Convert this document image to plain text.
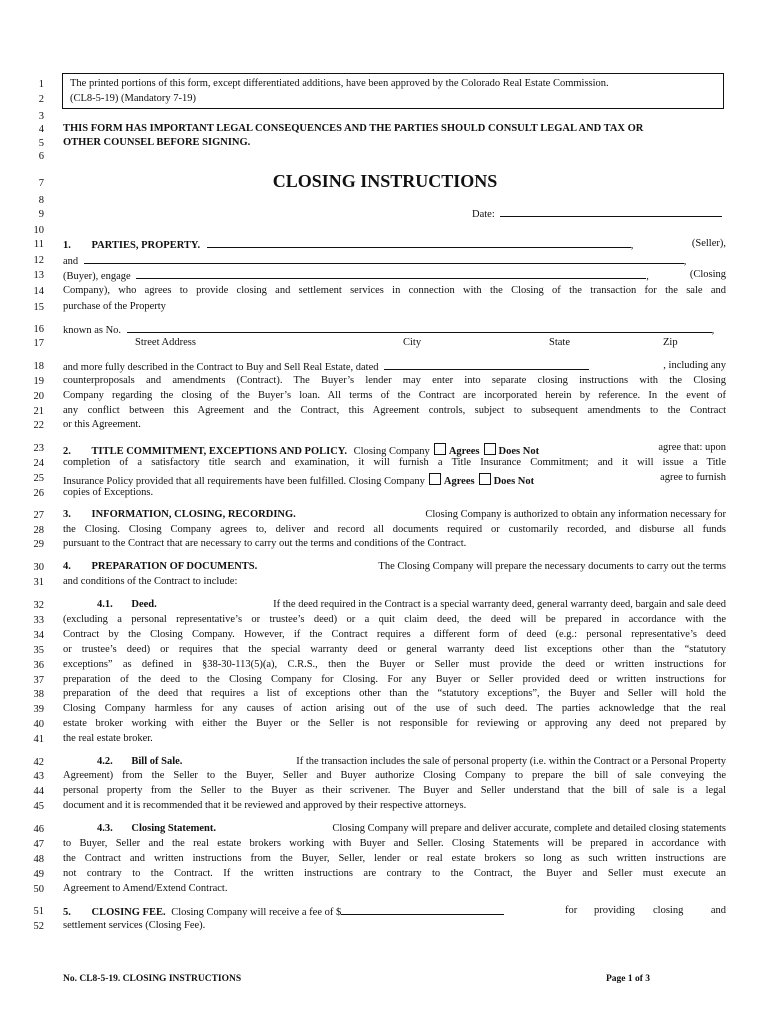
1
2
3
4
5
6
7
8
9
10
11
12
13
14
15
16
17
18
19
20
21
22
23
24
25
26
27
28
29
30
31
32
33
34
35
36
37
38
39
40
41
42
43
44
45
46
47
48
49
50
51
52
The printed portions of this form, except differentiated additions, have been approved by the Colorado Real Estate Commission.
(CL8-5-19) (Mandatory 7-19)
THIS FORM HAS IMPORTANT LEGAL CONSEQUENCES AND THE PARTIES SHOULD CONSULT LEGAL AND TAX OR
OTHER COUNSEL BEFORE SIGNING.
CLOSING INSTRUCTIONS
Date:
1. PARTIES, PROPERTY.	,	(Seller),
and	,
(Buyer), engage	,	(Closing
Company), who agrees to provide closing and settlement services in connection with the Closing of the transaction for the sale and
purchase of the Property
known as No.	,
Street Address	City	State	Zip
and more fully described in the Contract to Buy and Sell Real Estate, dated	, including any
counterproposals and amendments (Contract). The Buyer’s lender may enter into separate closing instructions with the Closing
Company regarding the closing of the Buyer’s loan. All terms of the Contract are incorporated herein by reference. In the event of
any conflict between this Agreement and the Contract, this Agreement controls, subject to subsequent amendments to the Contract
or this Agreement.
2. TITLE COMMITMENT, EXCEPTIONS AND POLICY. Closing Company Agrees Does Not	agree that: upon
completion of a satisfactory title search and examination, it will furnish a Title Insurance Commitment; and it will issue a Title
Insurance Policy provided that all requirements have been fulfilled. Closing Company Agrees Does Not	agree to furnish
copies of Exceptions.
3. INFORMATION, CLOSING, RECORDING.	Closing Company is authorized to obtain any information necessary for
the Closing. Closing Company agrees to, deliver and record all documents required or customarily recorded, and disburse all funds
pursuant to the Contract that are necessary to carry out the terms and conditions of the Contract.
4. PREPARATION OF DOCUMENTS.	The Closing Company will prepare the necessary documents to carry out the terms
and conditions of the Contract to include:
4.1. Deed.	If the deed required in the Contract is a special warranty deed, general warranty deed, bargain and sale deed
(excluding a personal representative’s or trustee’s deed) or a quit claim deed, the deed will be prepared in accordance with the
Contract by the Closing Company. However, if the Contract requires a different form of deed (e.g.: personal representative’s deed
or trustee’s deed) or requires that the special warranty deed or general warranty deed list exceptions other than the “statutory
exceptions” as defined in §38-30-113(5)(a), C.R.S., then the Buyer or Seller must provide the deed or written instructions for
preparation of the deed to the Closing Company for Closing. For any Buyer or Seller provided deed or written instructions for
preparation of the deed that requires a list of exceptions other than the “statutory exceptions”, the Buyer and Seller will hold the
Closing Company harmless for any causes of action arising out of the use of such deed. The parties acknowledge that the real
estate broker working with either the Buyer or the Seller is not responsible for reviewing or approving any deed not prepared by
the real estate broker.
4.2. Bill of Sale.	If the transaction includes the sale of personal property (i.e. within the Contract or a Personal Property
Agreement) from the Seller to the Buyer, Seller and Buyer authorize Closing Company to prepare the bill of sale conveying the
personal property from the Seller to the Buyer as their scrivener. The Buyer and Seller understand that the bill of sale is a legal
document and it is recommended that it be reviewed and approved by their respective attorneys.
4.3. Closing Statement.	Closing Company will prepare and deliver accurate, complete and detailed closing statements
to Buyer, Seller and the real estate brokers working with Buyer and Seller. Closing Statements will be prepared in accordance with
the Contract and written instructions from the Buyer, Seller, lender or real estate brokers so long as such written instructions are
not contrary to the Contract. If the written instructions are contrary to the Contract, the Buyer and Seller must execute an
Agreement to Amend/Extend Contract.
5. CLOSING FEE. Closing Company will receive a fee of $	for providing closing	and
settlement services (Closing Fee).
No. CL8-5-19. CLOSING INSTRUCTIONS	Page 1 of 3
